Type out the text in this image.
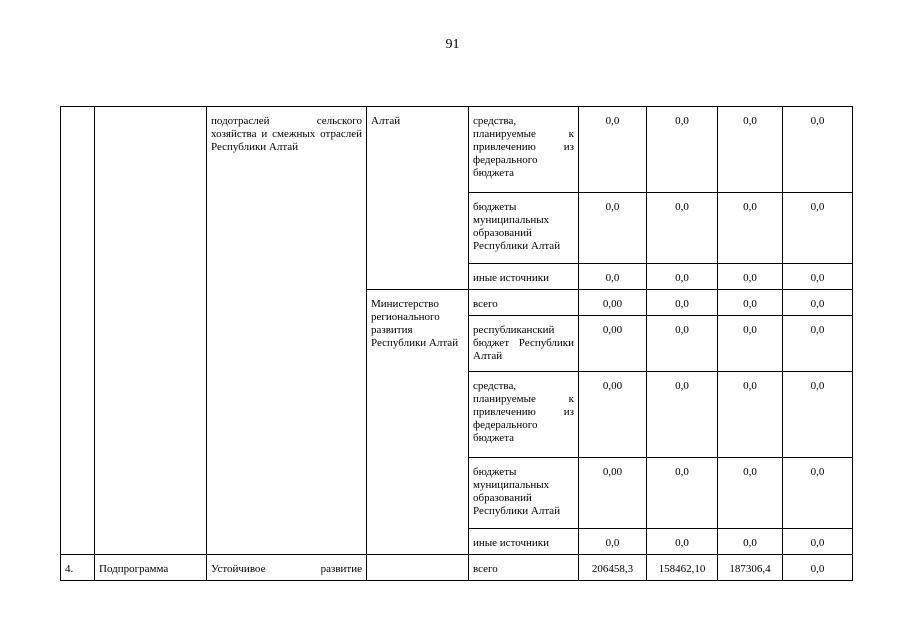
91
		подотраслей сельского хозяйства и смежных отраслей Республики Алтай	Алтай	средства, планируемые к привлечению из федерального бюджета	0,0	0,0	0,0	0,0
				бюджеты муниципальных образований Республики Алтай	0,0	0,0	0,0	0,0
				иные источники	0,0	0,0	0,0	0,0
			Министерство регионального развития Республики Алтай	всего	0,00	0,0	0,0	0,0
				республиканский бюджет Республики Алтай	0,00	0,0	0,0	0,0
				средства, планируемые к привлечению из федерального бюджета	0,00	0,0	0,0	0,0
				бюджеты муниципальных образований Республики Алтай	0,00	0,0	0,0	0,0
				иные источники	0,0	0,0	0,0	0,0
4.	Подпрограмма	Устойчивое развитие		всего	206458,3	158462,10	187306,4	0,0
